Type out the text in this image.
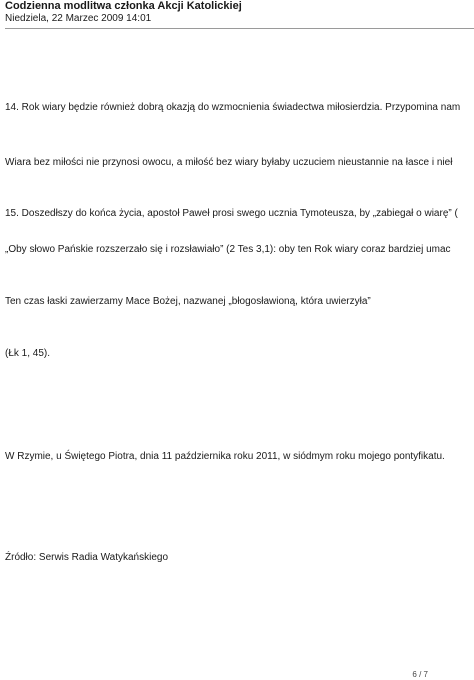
Codzienna modlitwa członka Akcji Katolickiej
Niedziela, 22 Marzec 2009 14:01
14. Rok wiary będzie również dobrą okazją do wzmocnienia świadectwa miłosierdzia. Przypomina nam
Wiara bez miłości nie przynosi owocu, a miłość bez wiary byłaby uczuciem nieustannie na łasce i nieł
15. Doszedłszy do końca życia, apostoł Paweł prosi swego ucznia Tymoteusza, by „zabiegał o wiarę” (
„Oby słowo Pańskie rozszerzało się i rozsławiało” (2 Tes 3,1): oby ten Rok wiary coraz bardziej umac
Ten czas łaski zawierzamy Mace Bożej, nazwanej „błogosławioną, która uwierzyła”
(Łk 1, 45).
W Rzymie, u Świętego Piotra, dnia 11 października roku 2011, w siódmym roku mojego pontyfikatu.
Źródło: Serwis Radia Watykańskiego
6 / 7
